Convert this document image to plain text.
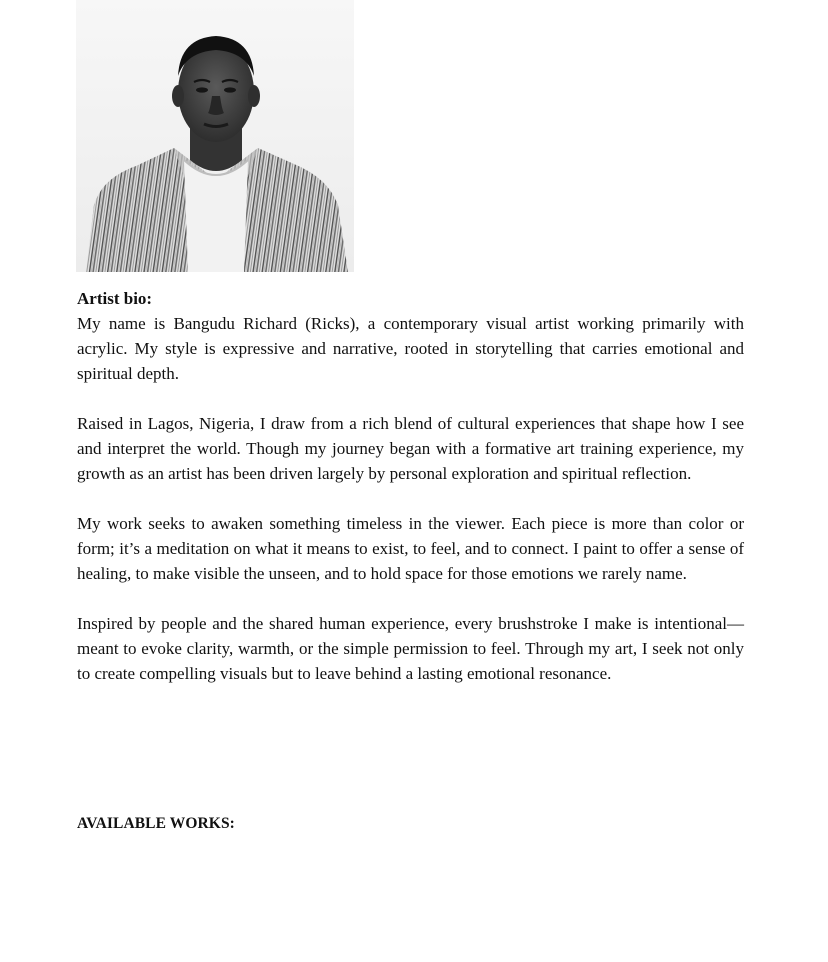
Artist bio:

My name is Bangudu Richard (Ricks), a contemporary visual artist working primarily with acrylic. My style is expressive and narrative, rooted in storytelling that carries emotional and spiritual depth.

Raised in Lagos, Nigeria, I draw from a rich blend of cultural experiences that shape how I see and interpret the world. Though my journey began with a formative art training experience, my growth as an artist has been driven largely by personal exploration and spiritual reflection.

My work seeks to awaken something timeless in the viewer. Each piece is more than color or form; it’s a meditation on what it means to exist, to feel, and to connect. I paint to offer a sense of healing, to make visible the unseen, and to hold space for those emotions we rarely name.

Inspired by people and the shared human experience, every brushstroke I make is intentional—meant to evoke clarity, warmth, or the simple permission to feel. Through my art, I seek not only to create compelling visuals but to leave behind a lasting emotional resonance.

AVAILABLE WORKS:
